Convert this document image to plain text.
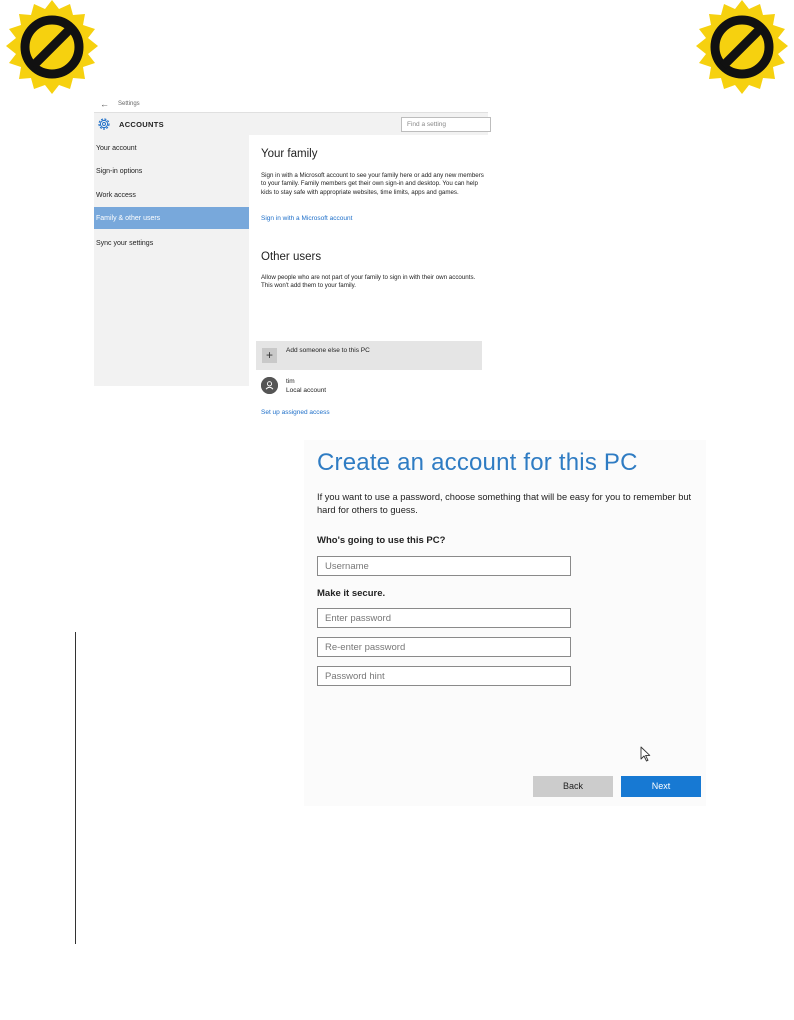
← Settings
ACCOUNTS	Find a setting
Your account
Sign-in options
Work access
Family & other users
Sync your settings
Your family
Sign in with a Microsoft account to see your family here or add any new members to your family. Family members get their own sign-in and desktop. You can help kids to stay safe with appropriate websites, time limits, apps and games.
Sign in with a Microsoft account
Other users
Allow people who are not part of your family to sign in with their own accounts. This won't add them to your family.
+	Add someone else to this PC
tim
Local account
Set up assigned access
Create an account for this PC
If you want to use a password, choose something that will be easy for you to remember but hard for others to guess.
Who's going to use this PC?
Username
Make it secure.
Enter password
Re-enter password
Password hint
Back	Next
